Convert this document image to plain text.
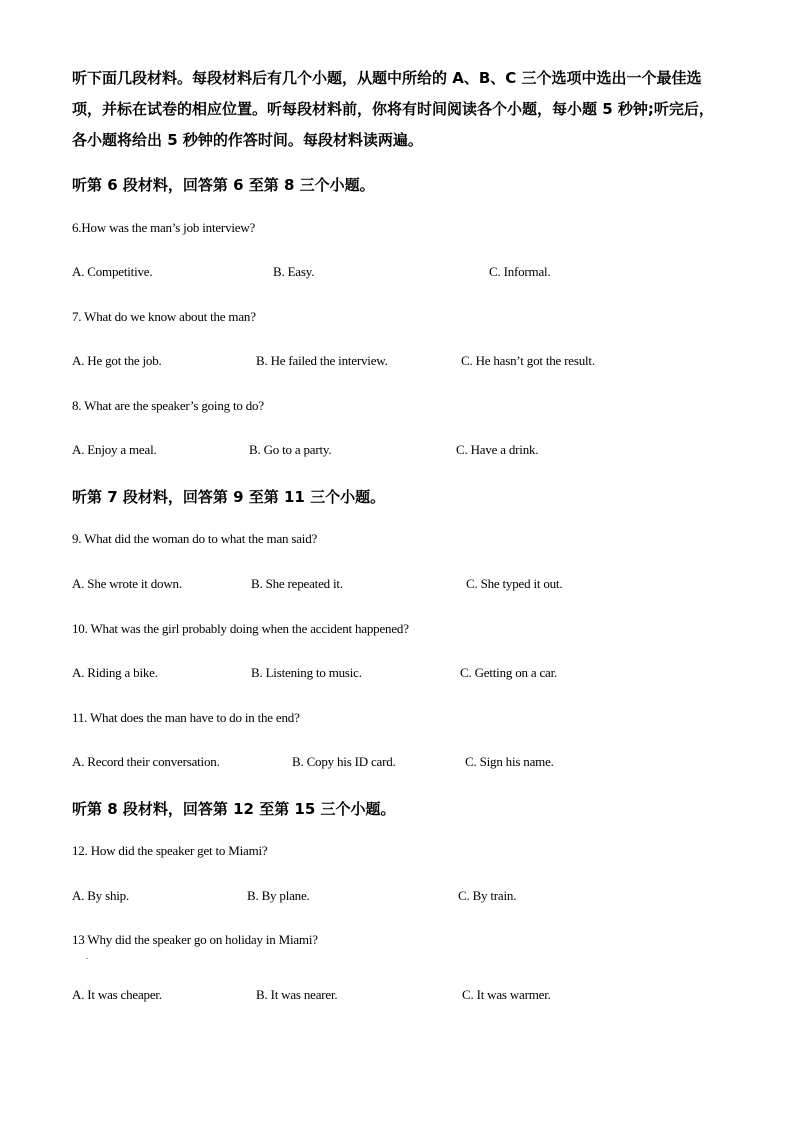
听下面几段材料。每段材料后有几个小题，从题中所给的 A、B、C 三个选项中选出一个最佳选项，并标在试卷的相应位置。听每段材料前，你将有时间阅读各个小题，每小题 5 秒钟;听完后，各小题将给出 5 秒钟的作答时间。每段材料读两遍。

听第 6 段材料，回答第 6 至第 8 三个小题。

6.How was the man’s job interview?

A. Competitive.	B. Easy.	C. Informal.

7. What do we know about the man?

A. He got the job.	B. He failed the interview.	C. He hasn’t got the result.

8. What are the speaker’s going to do?

A. Enjoy a meal.	B. Go to a party.	C. Have a drink.

听第 7 段材料，回答第 9 至第 11 三个小题。

9. What did the woman do to what the man said?

A. She wrote it down.	B. She repeated it.	C. She typed it out.

10. What was the girl probably doing when the accident happened?

A. Riding a bike.	B. Listening to music.	C. Getting on a car.

11. What does the man have to do in the end?

A. Record their conversation.	B. Copy his ID card.	C. Sign his name.

听第 8 段材料，回答第 12 至第 15 三个小题。

12. How did the speaker get to Miami?

A. By ship.	B. By plane.	C. By train.

13 Why did the speaker go on holiday in Miami?

.

A. It was cheaper.	B. It was nearer.	C. It was warmer.
